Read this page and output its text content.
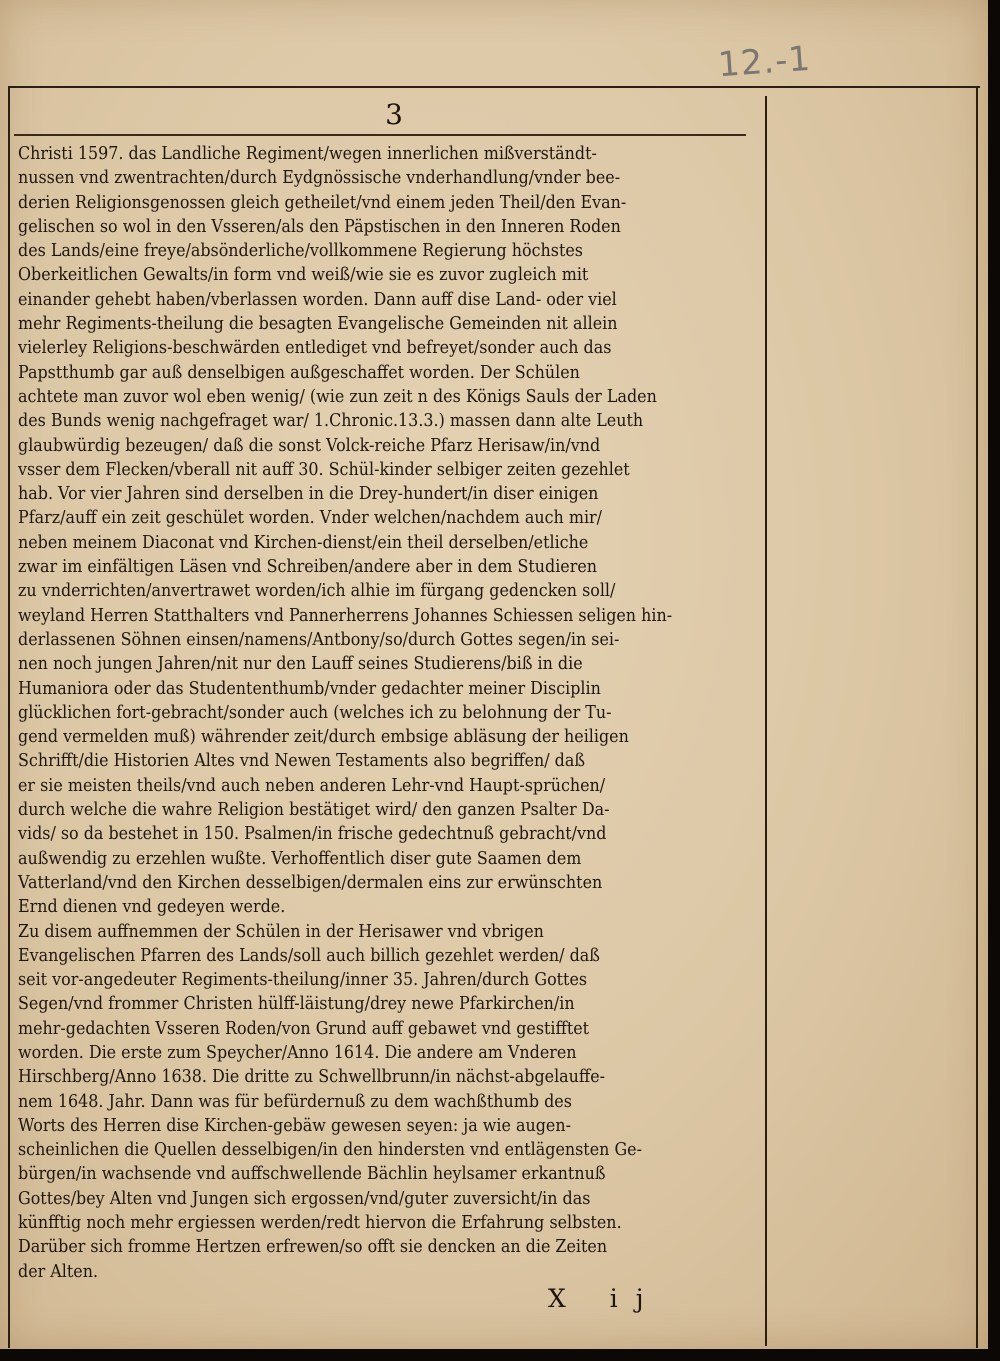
12.-1
3
Christi 1597. das Landliche Regiment/wegen innerlichen mißverständt-
nussen vnd zwentrachten/durch Eydgnössische vnderhandlung/vnder bee-
derien Religionsgenossen gleich getheilet/vnd einem jeden Theil/den Evan-
gelischen so wol in den Vsseren/als den Päpstischen in den Inneren Roden
des Lands/eine freye/absönderliche/vollkommene Regierung höchstes
Oberkeitlichen Gewalts/in form vnd weiß/wie sie es zuvor zugleich mit
einander gehebt haben/vberlassen worden. Dann auff dise Land- oder viel
mehr Regiments-theilung die besagten Evangelische Gemeinden nit allein
vielerley Religions-beschwärden entlediget vnd befreyet/sonder auch das
Papstthumb gar auß denselbigen außgeschaffet worden. Der Schülen
achtete man zuvor wol eben wenig/ (wie zun zeit n des Königs Sauls der Laden
des Bunds wenig nachgefraget war/ 1.Chronic.13.3.) massen dann alte Leuth
glaubwürdig bezeugen/ daß die sonst Volck-reiche Pfarz Herisaw/in/vnd
vsser dem Flecken/vberall nit auff 30. Schül-kinder selbiger zeiten gezehlet
hab. Vor vier Jahren sind derselben in die Drey-hundert/in diser einigen
Pfarz/auff ein zeit geschület worden. Vnder welchen/nachdem auch mir/
neben meinem Diaconat vnd Kirchen-dienst/ein theil derselben/etliche
zwar im einfältigen Läsen vnd Schreiben/andere aber in dem Studieren
zu vnderrichten/anvertrawet worden/ich alhie im fürgang gedencken soll/
weyland Herren Statthalters vnd Pannerherrens Johannes Schiessen seligen hin-
derlassenen Söhnen einsen/namens/Antbony/so/durch Gottes segen/in sei-
nen noch jungen Jahren/nit nur den Lauff seines Studierens/biß in die
Humaniora oder das Studententhumb/vnder gedachter meiner Disciplin
glücklichen fort-gebracht/sonder auch (welches ich zu belohnung der Tu-
gend vermelden muß) währender zeit/durch embsige abläsung der heiligen
Schrifft/die Historien Altes vnd Newen Testaments also begriffen/ daß
er sie meisten theils/vnd auch neben anderen Lehr-vnd Haupt-sprüchen/
durch welche die wahre Religion bestätiget wird/ den ganzen Psalter Da-
vids/ so da bestehet in 150. Psalmen/in frische gedechtnuß gebracht/vnd
außwendig zu erzehlen wußte. Verhoffentlich diser gute Saamen dem
Vatterland/vnd den Kirchen desselbigen/dermalen eins zur erwünschten
Ernd dienen vnd gedeyen werde.
Zu disem auffnemmen der Schülen in der Herisawer vnd vbrigen
Evangelischen Pfarren des Lands/soll auch billich gezehlet werden/ daß
seit vor-angedeuter Regiments-theilung/inner 35. Jahren/durch Gottes
Segen/vnd frommer Christen hülff-läistung/drey newe Pfarkirchen/in
mehr-gedachten Vsseren Roden/von Grund auff gebawet vnd gestifftet
worden. Die erste zum Speycher/Anno 1614. Die andere am Vnderen
Hirschberg/Anno 1638. Die dritte zu Schwellbrunn/in nächst-abgelauffe-
nem 1648. Jahr. Dann was für befürdernuß zu dem wachßthumb des
Worts des Herren dise Kirchen-gebäw gewesen seyen: ja wie augen-
scheinlichen die Quellen desselbigen/in den hindersten vnd entlägensten Ge-
bürgen/in wachsende vnd auffschwellende Bächlin heylsamer erkantnuß
Gottes/bey Alten vnd Jungen sich ergossen/vnd/guter zuversicht/in das
künfftig noch mehr ergiessen werden/redt hiervon die Erfahrung selbsten.
Darüber sich fromme Hertzen erfrewen/so offt sie dencken an die Zeiten
der Alten.
X ij
